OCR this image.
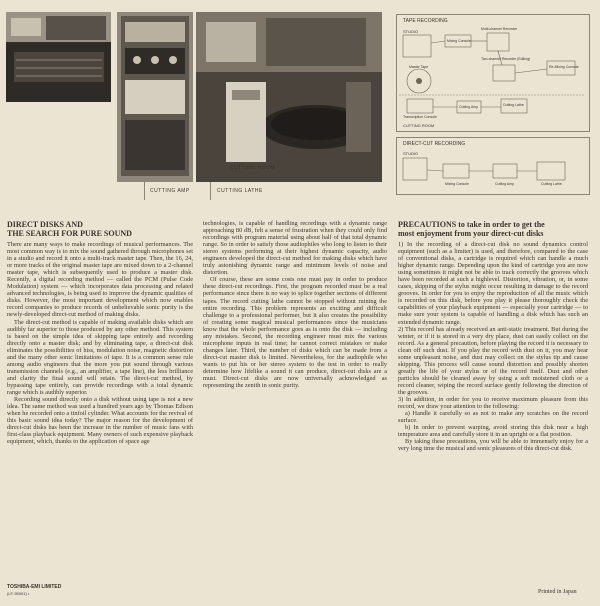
CUTTING ROOM
CUTTING AMP	CUTTING LATHE
TAPE RECORDING
STUDIO
Mixing Console
Multi-channel Recorder
Two-channel Recorder (Editing)
Re-Mixing Console
Master Tape
Cutting Lathe
Cutting Amp
Transcription Console
CUTTING ROOM
DIRECT-CUT RECORDING
STUDIO
Mixing Console	Cutting Amp	Cutting Lathe
DIRECT DISKS AND
THE SEARCH FOR PURE SOUND

There are many ways to make recordings of musical performances. The most common way is to mix the sound gathered through microphones set in a studio and record it onto a multi-track master tape. Then, the 16, 24, or more tracks of the original master tape are mixed down to a 2-channel master tape, which is subsequently used to produce a master disk. Recently, a digital recording method — called the PCM (Pulse Code Modulation) system — which incorporates data processing and related advanced technologies, is being used to improve the dynamic qualities of disks. However, the most important development which now enables record companies to produce records of unbelievable sonic purity is the newly-developed direct-cut method of making disks.

The direct-cut method is capable of making available disks which are audibly far superior to those produced by any other method. This system is based on the simple idea of skipping tape entirely and recording directly onto a master disk; and by eliminating tape, a direct-cut disk eliminates the possibilities of hiss, modulation noise, magnetic distortion and the many other sonic limitations of tape. It is a common sense rule among audio engineers that the more you put sound through various transmission channels (e.g., an amplifier, a tape line), the less brilliance and clarity the final sound will retain. The direct-cut method, by bypassing tape entirely, can provide recordings with a total dynamic range which is audibly superior.

Recording sound directly onto a disk without using tape is not a new idea. The same method was used a hundred years ago by Thomas Edison when he recorded onto a tinfoil cylinder. What accounts for the revival of this basic sound idea today? The major reason for the development of direct-cut disks has been the increase in the number of music fans with first-class playback equipment. Many owners of such expensive playback equipment, which, thanks to the application of space age

technologies, is capable of handling recordings with a dynamic range approaching 80 dB, felt a sense of frustration when they could only find recordings with program material using about half of that total dynamic range. So in order to satisfy those audiophiles who long to listen to their stereo systems performing at their highest dynamic capacity, audio engineers developed the direct-cut method for making disks which have truly astonishing dynamic range and minimum levels of noise and distortion.

Of course, these are some costs one must pay in order to produce these direct-cut recordings. First, the program recorded must be a real performance since there is no way to splice together sections of different tapes. The record cutting lathe cannot be stopped without ruining the entire recording. This problem represents an exciting and difficult challenge to a professional performer, but it also creates the possibility of creating some magical musical performances since the musicians know that the whole performance goes as is onto the disk — including any mistakes. Second, the recording engineer must mix the various microphone inputs in real time; he cannot correct mistakes or make changes later. Third, the number of disks which can be made from a direct-cut master disk is limited. Nevertheless, for the audiophile who wants to put his or her stereo system to the test in order to really determine how lifelike a sound it can produce, direct-cut disks are a must. Direct-cut disks are now universally acknowledged as representing the zenith in sonic purity.

PRECAUTIONS to take in order to get the
most enjoyment from your direct-cut disks

1) In the recording of a direct-cut disk no sound dynamics control equipment (such as a limiter) is used, and therefore, compared to the case of conventional disks, a cartridge is required which can handle a much higher dynamic range. Depending upon the kind of cartridge you are now using sometimes it might not be able to track correctly the grooves which have been recorded at such a highlevel. Distortion, vibration, or, in some cases, skipping of the stylus might occur resulting in damage to the record grooves. In order for you to enjoy the reproduction of all the music which is recorded on this disk, before you play it please thoroughly check the capabilities of your playback equipment — especially your cartridge — to make sure your system is capable of handling a disk which has such an extended dynamic range.

2) This record has already received an anti-static treatment. But during the winter, or if it is stored in a very dry place, dust can easily collect on the record. As a general precaution, before playing the record it is necessary to clean off such dust. If you play the record with dust on it, you may hear some unpleasant noise, and dust may collect on the stylus tip and cause skipping. This process will cause sound distortion and possibly shorten greatly the life of your stylus or of the record itself. Dust and other particles should be cleaned away by using a soft moistened cloth or a record cleaner, wiping the record surface gently following the direction of the grooves.

3) In addition, in order for you to receive maximum pleasure from this record, we draw your attention to the following:

a) Handle it carefully so as not to make any scratches on the record surface.

b) In order to prevent warping, avoid storing this disk near a high temperature area and carefully store it in an upright or a flat position.

By taking these precautions, you will be able to immensely enjoy for a very long time the musical and sonic pleasures of this direct-cut disk.

TOSHIBA-EMI LIMITED
(LF-95001) •	Printed in Japan
